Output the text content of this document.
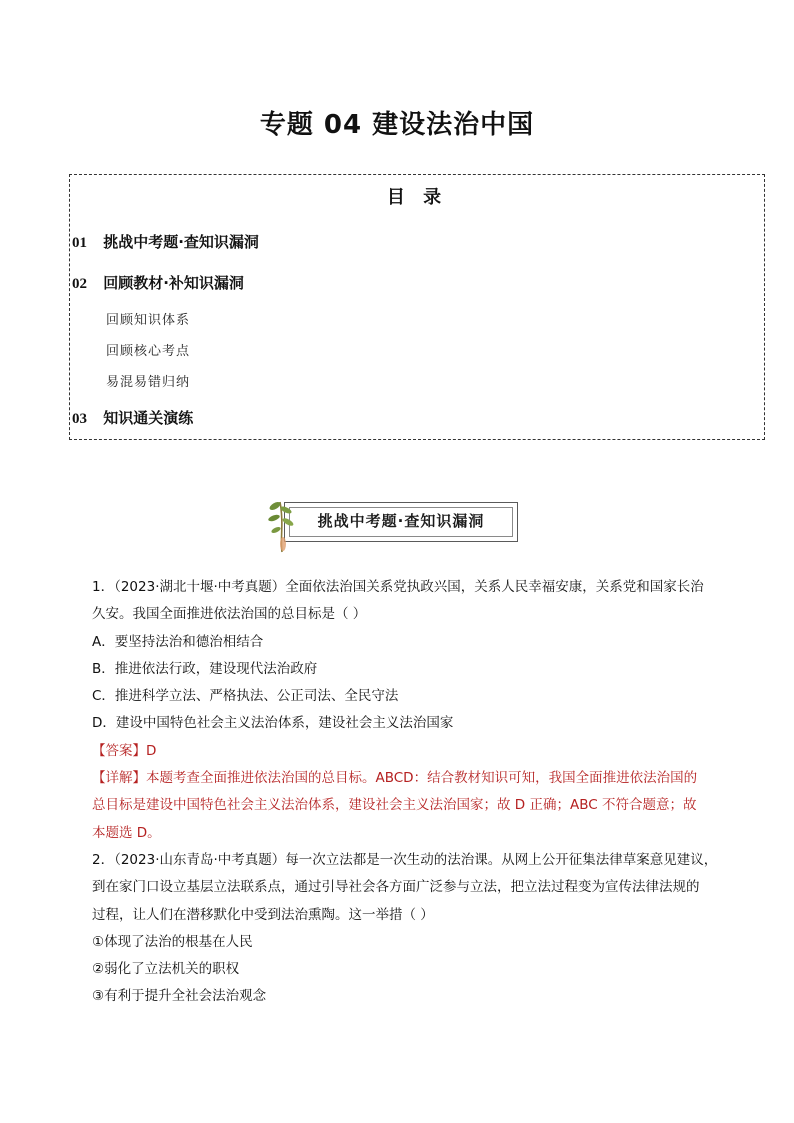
专题 04 建设法治中国
目 录
01 挑战中考题·查知识漏洞
02 回顾教材·补知识漏洞
回顾知识体系
回顾核心考点
易混易错归纳
03 知识通关演练
挑战中考题·查知识漏洞

1．（2023·湖北十堰·中考真题）全面依法治国关系党执政兴国，关系人民幸福安康，关系党和国家长治

久安。我国全面推进依法治国的总目标是（ ）

A．要坚持法治和德治相结合

B．推进依法行政，建设现代法治政府

C．推进科学立法、严格执法、公正司法、全民守法

D．建设中国特色社会主义法治体系，建设社会主义法治国家

【答案】D

【详解】本题考查全面推进依法治国的总目标。ABCD：结合教材知识可知，我国全面推进依法治国的

总目标是建设中国特色社会主义法治体系，建设社会主义法治国家；故 D 正确；ABC 不符合题意；故

本题选 D。

2．（2023·山东青岛·中考真题）每一次立法都是一次生动的法治课。从网上公开征集法律草案意见建议，

到在家门口设立基层立法联系点，通过引导社会各方面广泛参与立法，把立法过程变为宣传法律法规的

过程，让人们在潜移默化中受到法治熏陶。这一举措（ ）

①体现了法治的根基在人民

②弱化了立法机关的职权

③有利于提升全社会法治观念
